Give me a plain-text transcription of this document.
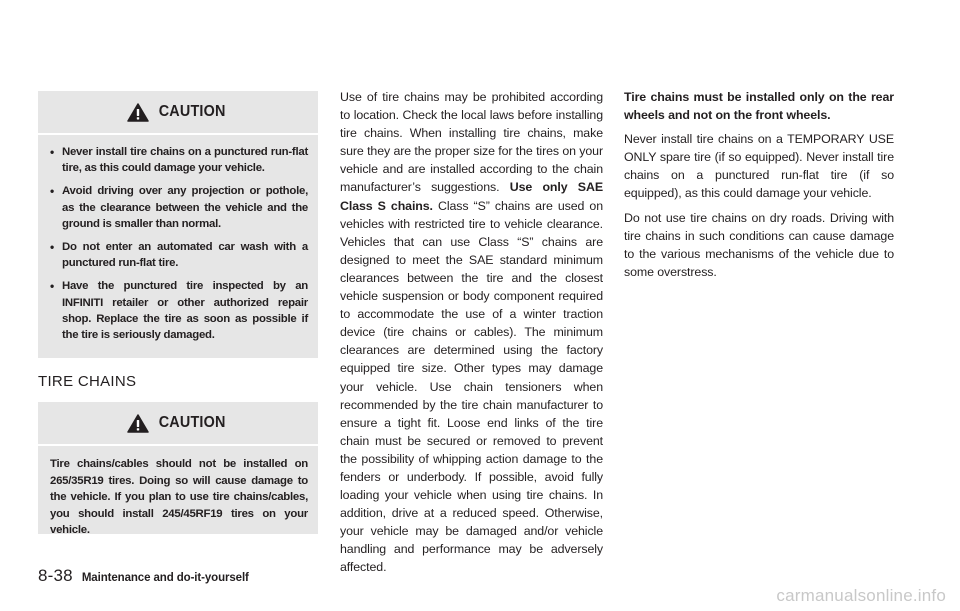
CAUTION
• Never install tire chains on a punctured run-flat tire, as this could damage your vehicle.
• Avoid driving over any projection or pothole, as the clearance between the vehicle and the ground is smaller than normal.
• Do not enter an automated car wash with a punctured run-flat tire.
• Have the punctured tire inspected by an INFINITI retailer or other authorized repair shop. Replace the tire as soon as possible if the tire is seriously damaged.
TIRE CHAINS
CAUTION

Tire chains/cables should not be installed on 265/35R19 tires. Doing so will cause damage to the vehicle. If you plan to use tire chains/cables, you should install 245/45RF19 tires on your vehicle.

Use of tire chains may be prohibited according to location. Check the local laws before installing tire chains. When installing tire chains, make sure they are the proper size for the tires on your vehicle and are installed according to the chain manufacturer’s suggestions. Use only SAE Class S chains. Class “S” chains are used on vehicles with restricted tire to vehicle clearance. Vehicles that can use Class “S” chains are designed to meet the SAE standard minimum clearances between the tire and the closest vehicle suspension or body component required to accommodate the use of a winter traction device (tire chains or cables). The minimum clearances are determined using the factory equipped tire size. Other types may damage your vehicle. Use chain tensioners when recommended by the tire chain manufacturer to ensure a tight fit. Loose end links of the tire chain must be secured or removed to prevent the possibility of whipping action damage to the fenders or underbody. If possible, avoid fully loading your vehicle when using tire chains. In addition, drive at a reduced speed. Otherwise, your vehicle may be damaged and/or vehicle handling and performance may be adversely affected.

Tire chains must be installed only on the rear wheels and not on the front wheels.

Never install tire chains on a TEMPORARY USE ONLY spare tire (if so equipped). Never install tire chains on a punctured run-flat tire (if so equipped), as this could damage your vehicle.

Do not use tire chains on dry roads. Driving with tire chains in such conditions can cause damage to the various mechanisms of the vehicle due to some overstress.

8-38 Maintenance and do-it-yourself
carmanualsonline.info
